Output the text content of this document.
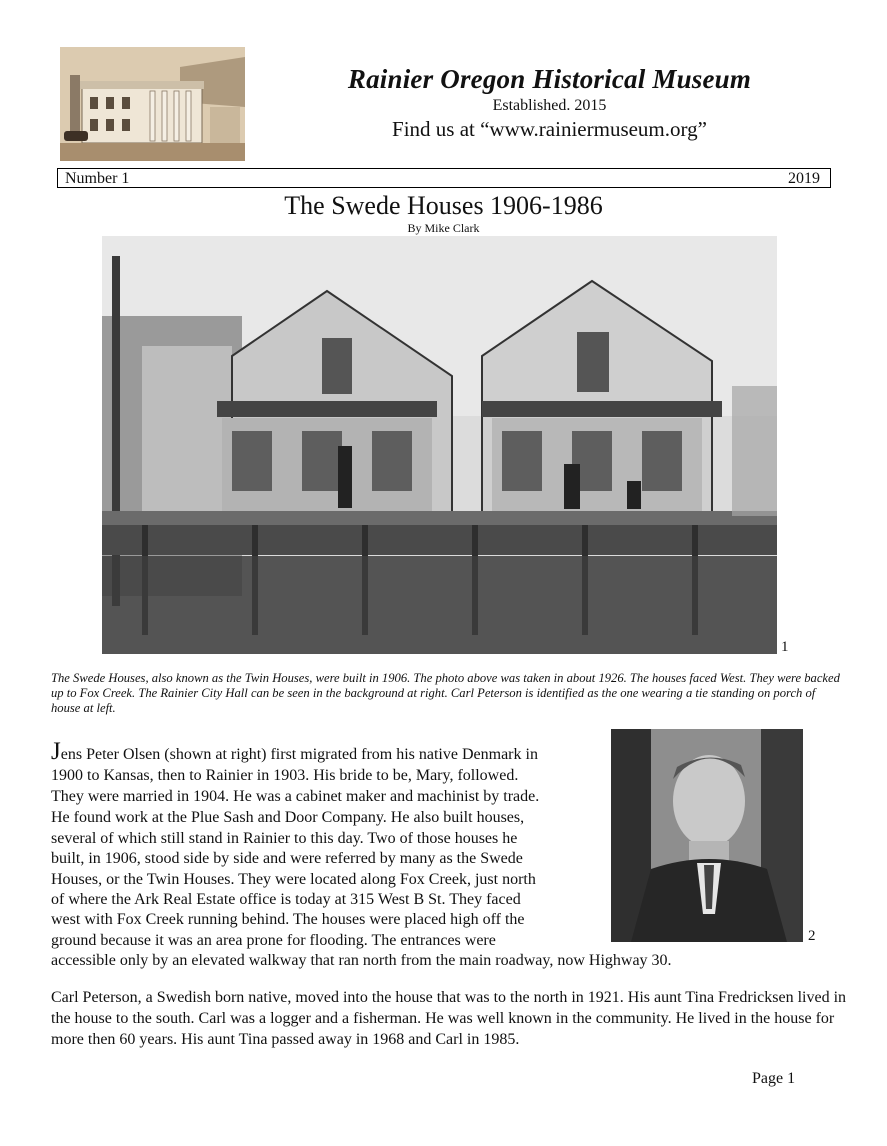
Rainier Oregon Historical Museum
Established. 2015
Find us at “www.rainiermuseum.org”
Number 1	2019
The Swede Houses 1906-1986
By Mike Clark
1
The Swede Houses, also known as the Twin Houses, were built in 1906. The photo above was taken in about 1926. The houses faced West. They were backed up to Fox Creek. The Rainier City Hall can be seen in the background at right. Carl Peterson is identified as the one wearing a tie standing on porch of house at left.
2
Jens Peter Olsen (shown at right) first migrated from his native Denmark in
1900 to Kansas, then to Rainier in 1903. His bride to be, Mary, followed.
They were married in 1904. He was a cabinet maker and machinist by trade.
He found work at the Plue Sash and Door Company. He also built houses,
several of which still stand in Rainier to this day. Two of those houses he
built, in 1906, stood side by side and were referred by many as the Swede
Houses, or the Twin Houses. They were located along Fox Creek, just north
of where the Ark Real Estate office is today at 315 West B St. They faced
west with Fox Creek running behind. The houses were placed high off the
ground because it was an area prone for flooding. The entrances were
accessible only by an elevated walkway that ran north from the main roadway, now Highway 30.
Carl Peterson, a Swedish born native, moved into the house that was to the north in 1921. His aunt Tina Fredricksen lived in the house to the south. Carl was a logger and a fisherman. He was well known in the community. He lived in the house for more then 60 years. His aunt Tina passed away in 1968 and Carl in 1985.
Page 1
